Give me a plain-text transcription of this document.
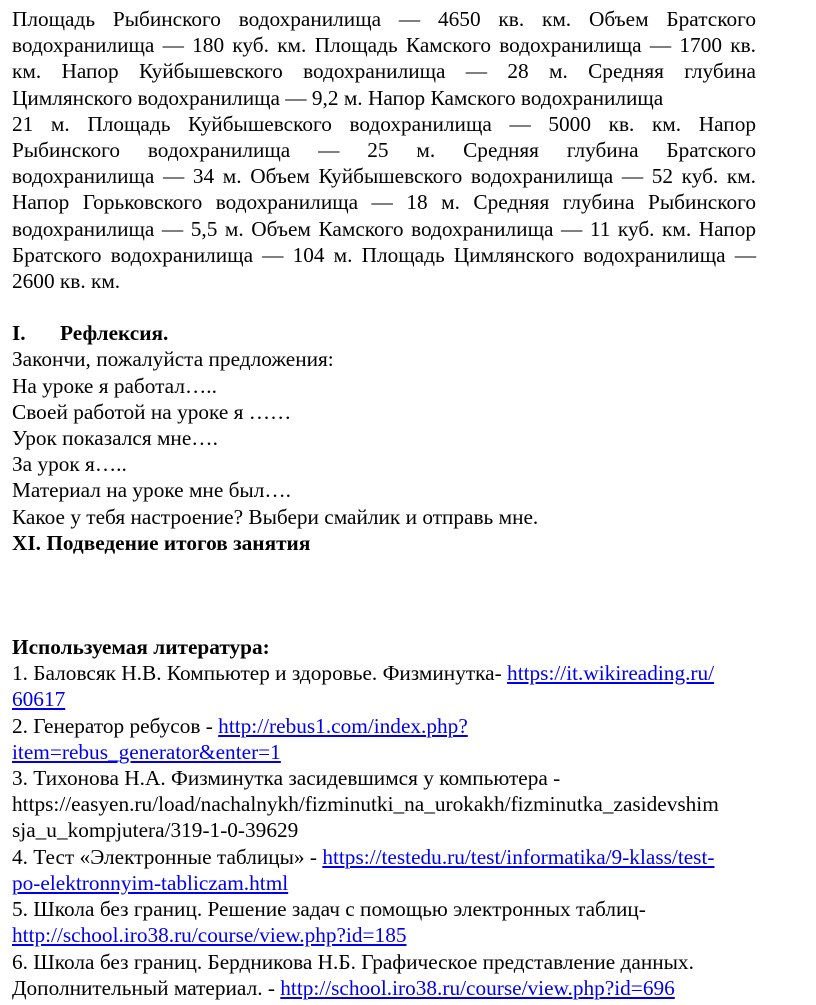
Площадь Рыбинского водохранилища — 4650 кв. км. Объем Братского
водохранилища — 180 куб. км. Площадь Камского водохранилища — 1700 кв.
км. Напор Куйбышевского водохранилища — 28 м. Средняя глубина
Цимлянского водохранилища — 9,2 м. Напор Камского водохранилища
21 м. Площадь Куйбышевского водохранилища — 5000 кв. км. Напор
Рыбинского водохранилища — 25 м. Средняя глубина Братского
водохранилища — 34 м. Объем Куйбышевского водохранилища — 52 куб. км.
Напор Горьковского водохранилища — 18 м. Средняя глубина Рыбинского
водохранилища — 5,5 м. Объем Камского водохранилища — 11 куб. км. Напор
Братского водохранилища — 104 м. Площадь Цимлянского водохранилища —
2600 кв. км.
I.	Рефлексия.
Закончи, пожалуйста предложения:
На уроке я работал…..
Своей работой на уроке я ……
Урок показался мне….
За урок я…..
Материал на уроке мне был….
Какое у тебя настроение? Выбери смайлик и отправь мне.
XI. Подведение итогов занятия
Используемая литература:
1. Баловсяк Н.В. Компьютер и здоровье. Физминутка- https://it.wikireading.ru/
60617
2. Генератор ребусов - http://rebus1.com/index.php?
item=rebus_generator&enter=1
3. Тихонова Н.А. Физминутка засидевшимся у компьютера -
https://easyen.ru/load/nachalnykh/fizminutki_na_urokakh/fizminutka_zasidevshim
sja_u_kompjutera/319-1-0-39629
4. Тест «Электронные таблицы» - https://testedu.ru/test/informatika/9-klass/test-
po-elektronnyim-tabliczam.html
5. Школа без границ. Решение задач с помощью электронных таблиц-
http://school.iro38.ru/course/view.php?id=185
6. Школа без границ. Бердникова Н.Б. Графическое представление данных.
Дополнительный материал. - http://school.iro38.ru/course/view.php?id=696
